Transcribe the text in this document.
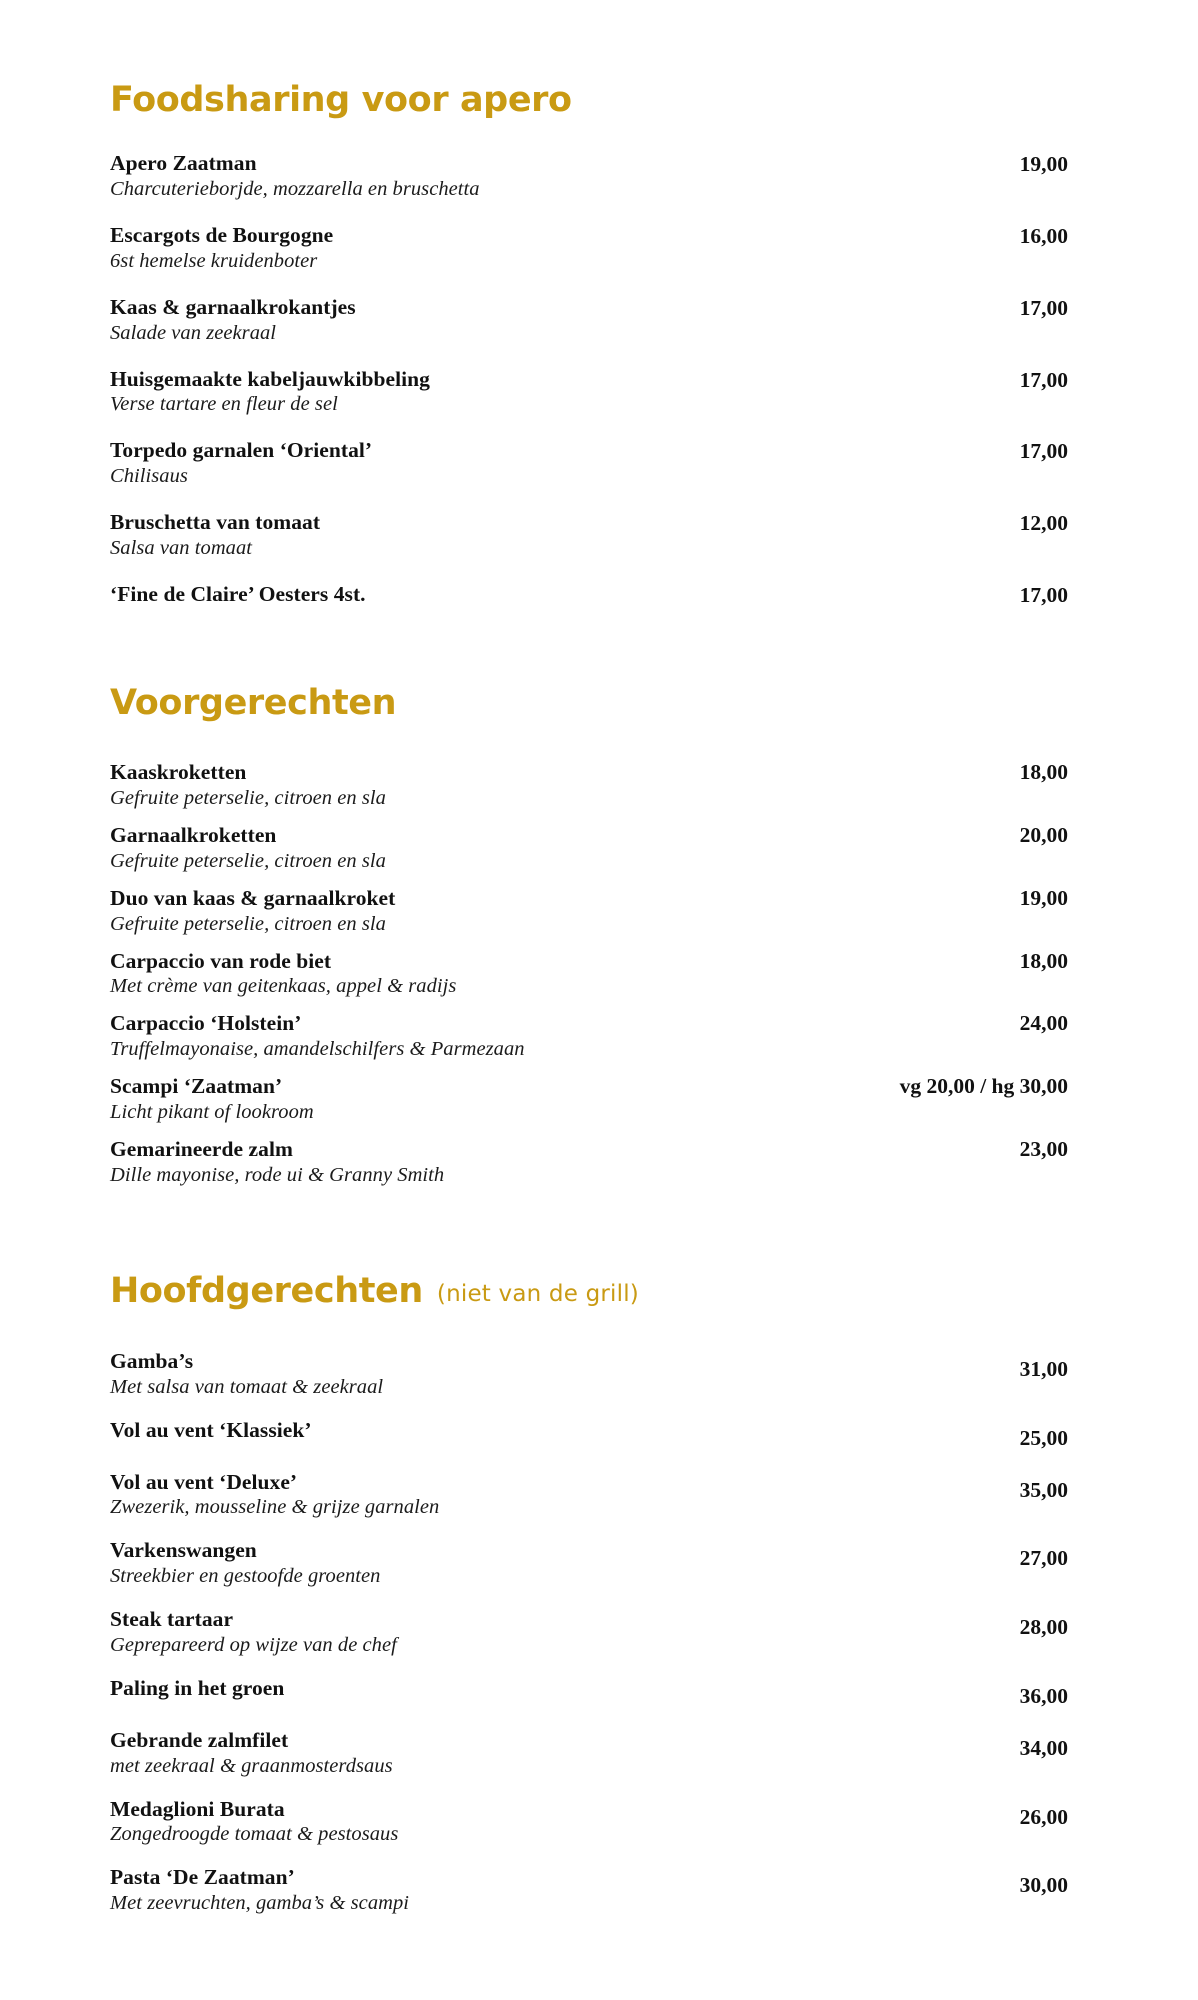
Foodsharing voor apero
Apero Zaatman
Charcuterieborjde, mozzarella en bruschetta
19,00
Escargots de Bourgogne
6st hemelse kruidenboter
16,00
Kaas & garnaalkrokantjes
Salade van zeekraal
17,00
Huisgemaakte kabeljauwkibbeling
Verse tartare en fleur de sel
17,00
Torpedo garnalen ‘Oriental’
Chilisaus
17,00
Bruschetta van tomaat
Salsa van tomaat
12,00
‘Fine de Claire’ Oesters 4st.	17,00
Voorgerechten
Kaaskroketten
Gefruite peterselie, citroen en sla
18,00
Garnaalkroketten
Gefruite peterselie, citroen en sla
20,00
Duo van kaas & garnaalkroket
Gefruite peterselie, citroen en sla
19,00
Carpaccio van rode biet
Met crème van geitenkaas, appel & radijs
18,00
Carpaccio ‘Holstein’
Truffelmayonaise, amandelschilfers & Parmezaan
24,00
Scampi ‘Zaatman’
Licht pikant of lookroom
vg 20,00 / hg 30,00
Gemarineerde zalm
Dille mayonise, rode ui & Granny Smith
23,00
Hoofdgerechten (niet van de grill)
Gamba’s
Met salsa van tomaat & zeekraal
31,00
Vol au vent ‘Klassiek’	25,00
Vol au vent ‘Deluxe’
Zwezerik, mousseline & grijze garnalen
35,00
Varkenswangen
Streekbier en gestoofde groenten
27,00
Steak tartaar
Geprepareerd op wijze van de chef
28,00
Paling in het groen	36,00
Gebrande zalmfilet
met zeekraal & graanmosterdsaus
34,00
Medaglioni Burata
Zongedroogde tomaat & pestosaus
26,00
Pasta ‘De Zaatman’
Met zeevruchten, gamba’s & scampi
30,00
